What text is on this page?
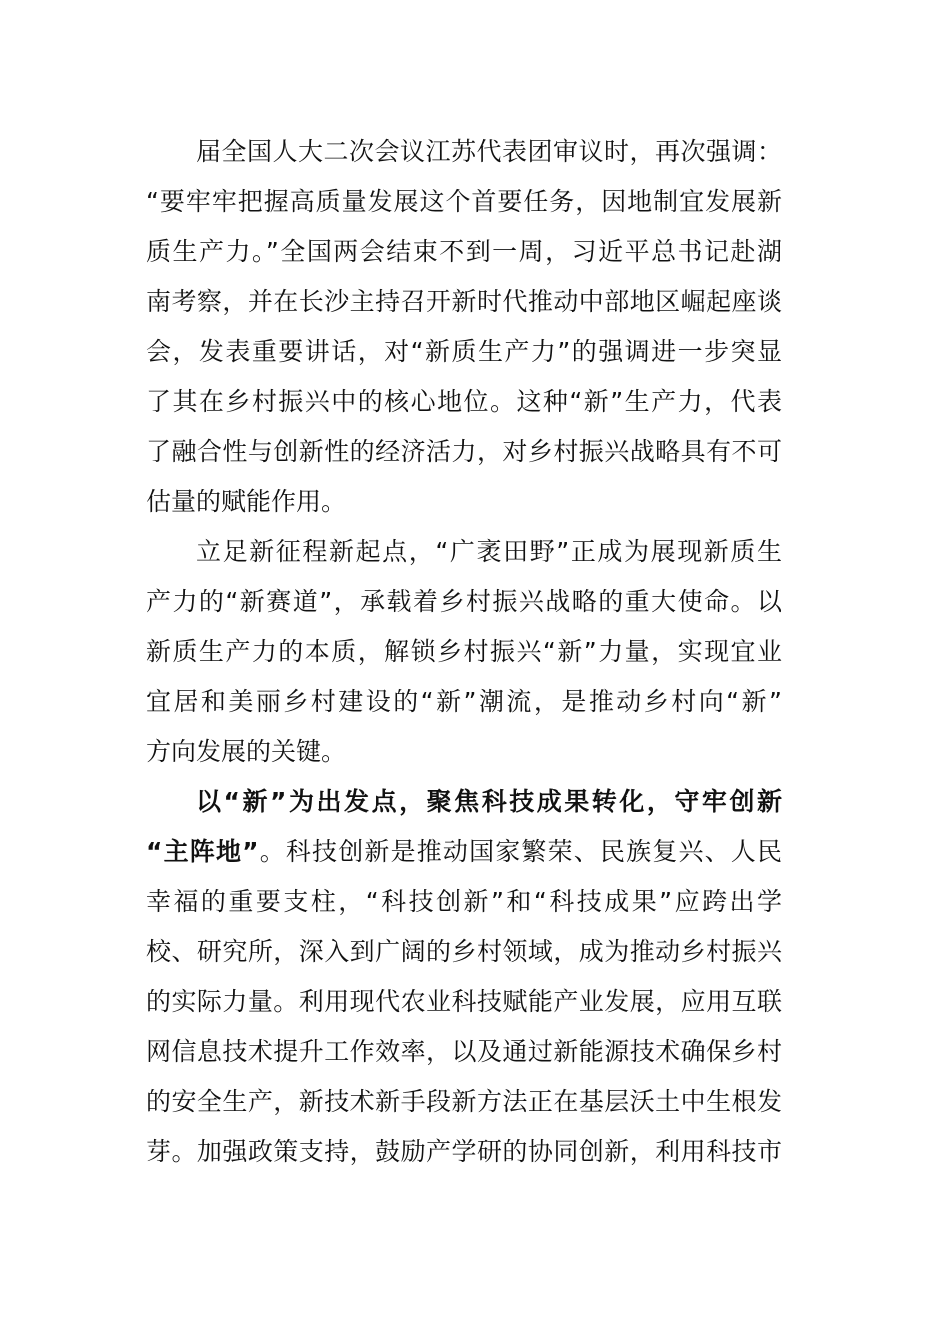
届全国人大二次会议江苏代表团审议时，再次强调：
“要牢牢把握高质量发展这个首要任务，因地制宜发展新
质生产力。”全国两会结束不到一周，习近平总书记赴湖
南考察，并在长沙主持召开新时代推动中部地区崛起座谈
会，发表重要讲话，对“新质生产力”的强调进一步突显
了其在乡村振兴中的核心地位。这种“新”生产力，代表
了融合性与创新性的经济活力，对乡村振兴战略具有不可
估量的赋能作用。
立足新征程新起点，“广袤田野”正成为展现新质生
产力的“新赛道”，承载着乡村振兴战略的重大使命。以
新质生产力的本质，解锁乡村振兴“新”力量，实现宜业
宜居和美丽乡村建设的“新”潮流，是推动乡村向“新”
方向发展的关键。
以“新”为出发点，聚焦科技成果转化，守牢创新
“主阵地”。科技创新是推动国家繁荣、民族复兴、人民
幸福的重要支柱，“科技创新”和“科技成果”应跨出学
校、研究所，深入到广阔的乡村领域，成为推动乡村振兴
的实际力量。利用现代农业科技赋能产业发展，应用互联
网信息技术提升工作效率，以及通过新能源技术确保乡村
的安全生产，新技术新手段新方法正在基层沃土中生根发
芽。加强政策支持，鼓励产学研的协同创新，利用科技市
